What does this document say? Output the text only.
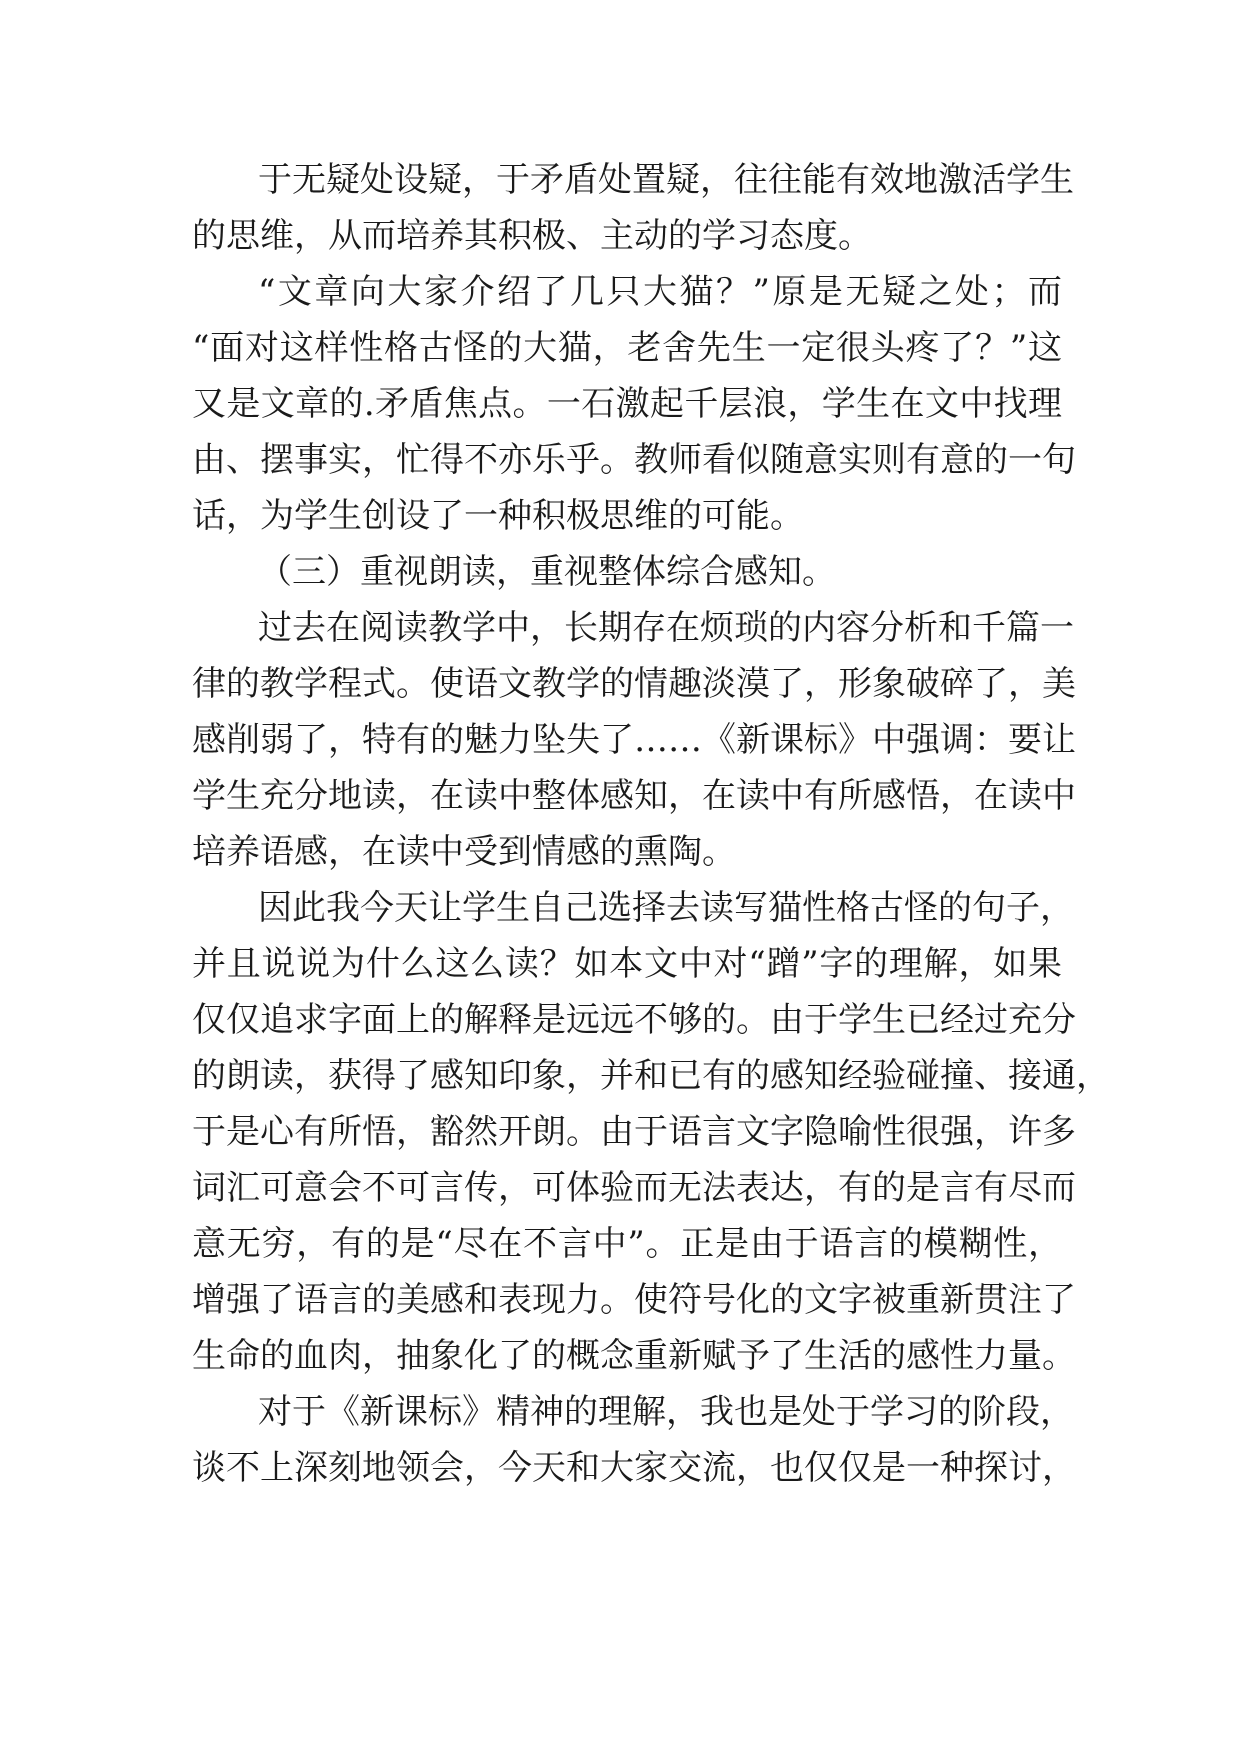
于无疑处设疑，于矛盾处置疑，往往能有效地激活学生
的思维，从而培养其积极、主动的学习态度。
“文章向大家介绍了几只大猫？”原是无疑之处；而
“面对这样性格古怪的大猫，老舍先生一定很头疼了？”这
又是文章的.矛盾焦点。一石激起千层浪，学生在文中找理
由、摆事实，忙得不亦乐乎。教师看似随意实则有意的一句
话，为学生创设了一种积极思维的可能。
（三）重视朗读，重视整体综合感知。
过去在阅读教学中，长期存在烦琐的内容分析和千篇一
律的教学程式。使语文教学的情趣淡漠了，形象破碎了，美
感削弱了，特有的魅力坠失了……《新课标》中强调：要让
学生充分地读，在读中整体感知，在读中有所感悟，在读中
培养语感，在读中受到情感的熏陶。
因此我今天让学生自己选择去读写猫性格古怪的句子，
并且说说为什么这么读？如本文中对“蹭”字的理解，如果
仅仅追求字面上的解释是远远不够的。由于学生已经过充分
的朗读，获得了感知印象，并和已有的感知经验碰撞、接通，
于是心有所悟，豁然开朗。由于语言文字隐喻性很强，许多
词汇可意会不可言传，可体验而无法表达，有的是言有尽而
意无穷，有的是“尽在不言中”。正是由于语言的模糊性，
增强了语言的美感和表现力。使符号化的文字被重新贯注了
生命的血肉，抽象化了的概念重新赋予了生活的感性力量。
对于《新课标》精神的理解，我也是处于学习的阶段，
谈不上深刻地领会，今天和大家交流，也仅仅是一种探讨，
